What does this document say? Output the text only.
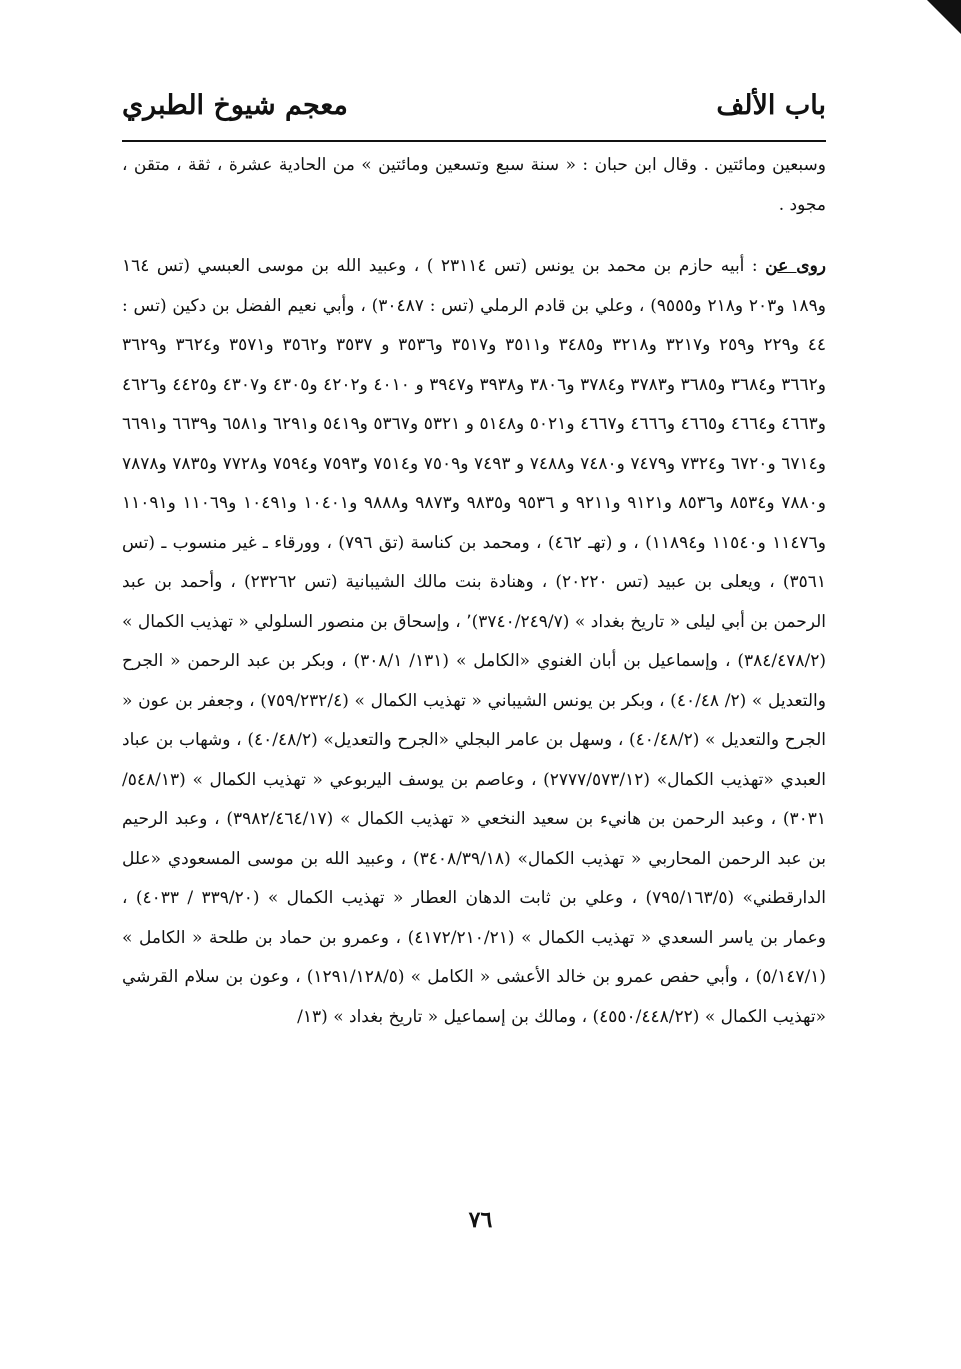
باب الألف
معجم شيوخ الطبري

وسبعين ومائتين . وقال ابن حبان : « سنة سبع وتسعين ومائتين » من الحادية عشرة ، ثقة ، متقن ، مجود .

روى عن : أبيه حازم بن محمد بن يونس (تس ٢٣١١٤ ) ، وعبيد الله بن موسى العبسي (تس ١٦٤ و١٨٩ و٢٠٣ و٢١٨ و٩٥٥٥) ، وعلي بن قادم الرملي (تس : ٣٠٤٨٧) ، وأبي نعيم الفضل بن دكين (تس : ٤٤ و٢٢٩ و٢٥٩ و٣٢١٧ و٣٢١٨ و٣٤٨٥ و٣٥١١ و٣٥١٧ و٣٥٣٦ و ٣٥٣٧ و٣٥٦٢ و٣٥٧١ و٣٦٢٤ و٣٦٢٩ و٣٦٦٢ و٣٦٨٤ و٣٦٨٥ و٣٧٨٣ و٣٧٨٤ و٣٨٠٦ و٣٩٣٨ و٣٩٤٧ و ٤٠١٠ و٤٢٠٢ و٤٣٠٥ و٤٣٠٧ و٤٤٢٥ و٤٦٢٦ و٤٦٦٣ و٤٦٦٤ و٤٦٦٥ و٤٦٦٦ و٤٦٦٧ و٥٠٢١ و٥١٤٨ و ٥٣٢١ و٥٣٦٧ و٥٤١٩ و٦٢٩١ و٦٥٨١ و٦٦٣٩ و٦٦٩١ و٦٧١٤ و٦٧٢٠ و٧٣٢٤ و٧٤٧٩ و٧٤٨٠ و٧٤٨٨ و ٧٤٩٣ و٧٥٠٩ و٧٥١٤ و٧٥٩٣ و٧٥٩٤ و٧٧٢٨ و٧٨٣٥ و٧٨٧٨ و٧٨٨٠ و٨٥٣٤ و٨٥٣٦ و٩١٢١ و٩٢١١ و ٩٥٣٦ و٩٨٣٥ و٩٨٧٣ و٩٨٨٨ و١٠٤٠١ و١٠٤٩١ و١١٠٦٩ و١١٠٩١ و١١٤٧٦ و١١٥٤٠ و١١٨٩٤) ، و (تهـ ٤٦٢) ، ومحمد بن كناسة (تق ٧٩٦) ، وورقاء ـ غير منسوب ـ (تس ٣٥٦١) ، ويعلى بن عبيد (تس ٢٠٢٢٠) ، وهنادة بنت مالك الشيبانية (تس ٢٣٢٦٢) ، وأحمد بن عبد الرحمن بن أبي ليلى « تاريخ بغداد » (٣٧٤٠/٢٤٩/٧)٬ ، وإسحاق بن منصور السلولي « تهذيب الكمال » (٣٨٤/٤٧٨/٢) ، وإسماعيل بن أبان الغنوي «الكامل » (١٣١/ ٣٠٨/١) ، وبكر بن عبد الرحمن « الجرح والتعديل » (٢/ ٤٠/٤٨) ، وبكر بن يونس الشيباني « تهذيب الكمال » (٧٥٩/٢٣٢/٤) ، وجعفر بن عون « الجرح والتعديل » (٤٠/٤٨/٢) ، وسهل بن عامر البجلي «الجرح والتعديل» (٤٠/٤٨/٢) ، وشهاب بن عباد العبدي «تهذيب الكمال» (٢٧٧٧/٥٧٣/١٢) ، وعاصم بن يوسف اليربوعي « تهذيب الكمال » (٥٤٨/١٣/ ٣٠٣١) ، وعبد الرحمن بن هانيء بن سعيد النخعي « تهذيب الكمال » (٣٩٨٢/٤٦٤/١٧) ، وعبد الرحيم بن عبد الرحمن المحاربي « تهذيب الكمال» (٣٤٠٨/٣٩/١٨) ، وعبيد الله بن موسى المسعودي «علل الدارقطني» (٧٩٥/١٦٣/٥) ، وعلي بن ثابت الدهان العطار « تهذيب الكمال » (٣٣٩/٢٠ / ٤٠٣٣) ، وعمار بن ياسر السعدي « تهذيب الكمال » (٤١٧٢/٢١٠/٢١) ، وعمرو بن حماد بن طلحة « الكامل » (٥/١٤٧/١) ، وأبي حفص عمرو بن خالد الأعشى « الكامل » (١٢٩١/١٢٨/٥) ، وعون بن سلام القرشي «تهذيب الكمال » (٤٥٥٠/٤٤٨/٢٢) ، ومالك بن إسماعيل « تاريخ بغداد » (١٣/

٧٦
